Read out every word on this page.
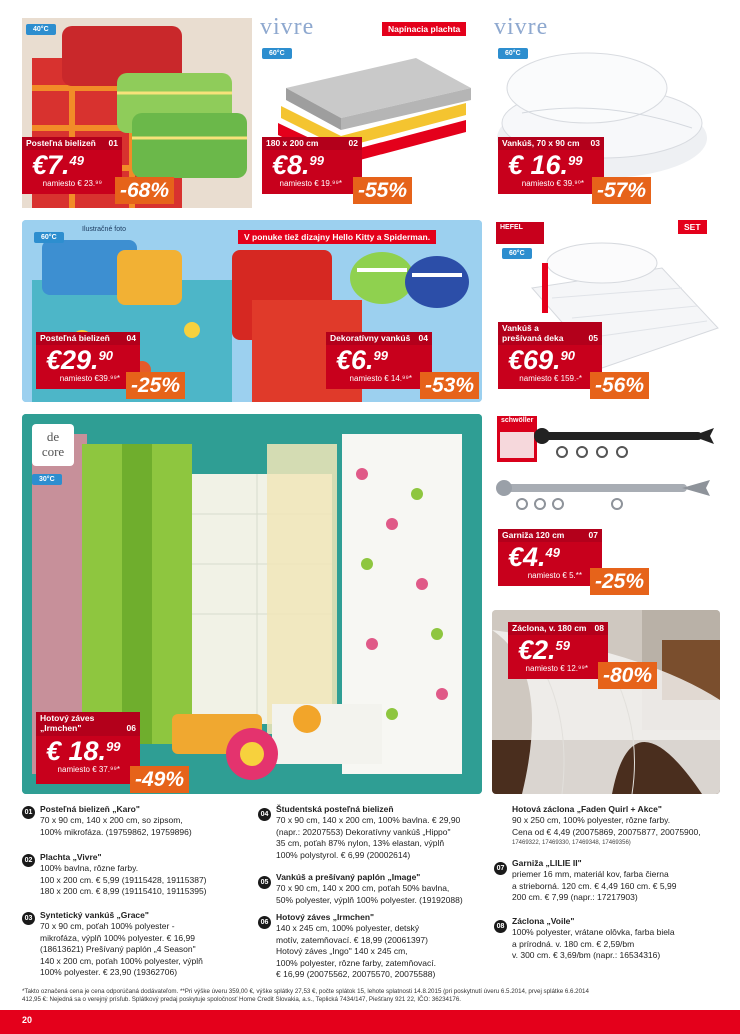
40°C
Posteľná bielizeň 01
€7.49
namiesto € 23.⁹⁹ -68%
vivre
60°C
Napínacia plachta
180 x 200 cm	02
€8.99
namiesto € 19.⁹⁹* -55%
vivre
60°C
Vankúš, 70 x 90 cm 03
€ 16.99
namiesto € 39.⁹⁰* -57%
60°C
Ilustračné foto
V ponuke tiež dizajny Hello Kitty a Spiderman.
Posteľná bielizeň 04
€29.90
namiesto €39.⁹⁹* -25%
Dekoratívny vankúš 04
€6.99
namiesto € 14.⁹⁹* -53%
HEFEL
60°C
SET
Vankúš a
prešívaná deka	05
€69.90
namiesto € 159.-* -56%
de
core
30°C
Hotový záves
„Irmchen"	06
€ 18.99
namiesto € 37.⁹⁹* -49%
schwöller
Garniža 120 cm	07
€4.49
namiesto € 5.** -25%
Záclona, v. 180 cm 08
€2.59
namiesto € 12.⁹⁹* -80%
01 Posteľná bielizeň „Karo"
70 x 90 cm, 140 x 200 cm, so zipsom,
100% mikrofáza. (19759862, 19759896)
02 Plachta „Vivre"
100% bavlna, rôzne farby.
100 x 200 cm. € 5,99 (19115428, 19115387)
180 x 200 cm. € 8,99 (19115410, 19115395)
03 Syntetický vankúš „Grace"
70 x 90 cm, poťah 100% polyester -
mikrofáza, výplň 100% polyester. € 16,99
(18613621) Prešívaný paplón „4 Season"
140 x 200 cm, poťah 100% polyester, výplň
100% polyester. € 23,90 (19362706)
04
Študentská posteľná bielizeň
70 x 90 cm, 140 x 200 cm, 100% bavlna. € 29,90
(napr.: 20207553) Dekoratívny vankúš „Hippo"
35 cm, poťah 87% nylon, 13% elastan, výplň
100% polystyrol. € 6,99 (20002614)
05
Vankúš a prešívaný paplón „Image"
70 x 90 cm, 140 x 200 cm, poťah 50% bavlna,
50% polyester, výplň 100% polyester. (19192088)
06
Hotový záves „Irmchen"
140 x 245 cm, 100% polyester, detský
motív, zatemňovací. € 18,99 (20061397)
Hotový záves „Ingo" 140 x 245 cm,
100% polyester, rôzne farby, zatemňovací.
€ 16,99 (20075562, 20075570, 20075588)
Hotová záclona „Faden Quirl + Akce"
90 x 250 cm, 100% polyester, rôzne farby.
Cena od € 4,49 (20075869, 20075877, 20075900,
17469322, 17469330, 17469348, 17469356)
07
Garniža „LILIE II"
priemer 16 mm, materiál kov, farba čierna
a strieborná. 120 cm. € 4,49 160 cm. € 5,99
200 cm. € 7,99 (napr.: 17217903)
08
Záclona „Voile"
100% polyester, vrátane olôvka, farba biela
a prírodná. v. 180 cm. € 2,59/bm
v. 300 cm. € 3,69/bm (napr.: 16534316)
*Takto označená cena je cena odporúčaná dodávateľom. **Pri výške úveru 359,00 €, výške splátky 27,53 €, počte splátok 15, lehote splatnosti 14.8.2015 (pri poskytnutí úveru 6.5.2014, prvej splátke 6.6.2014
412,95 €: Nejedná sa o verejný prísľub. Splátkový predaj poskytuje spoločnosť Home Credit Slovakia, a.s., Teplická 7434/147, Piešťany 921 22, IČO: 36234176.
20
